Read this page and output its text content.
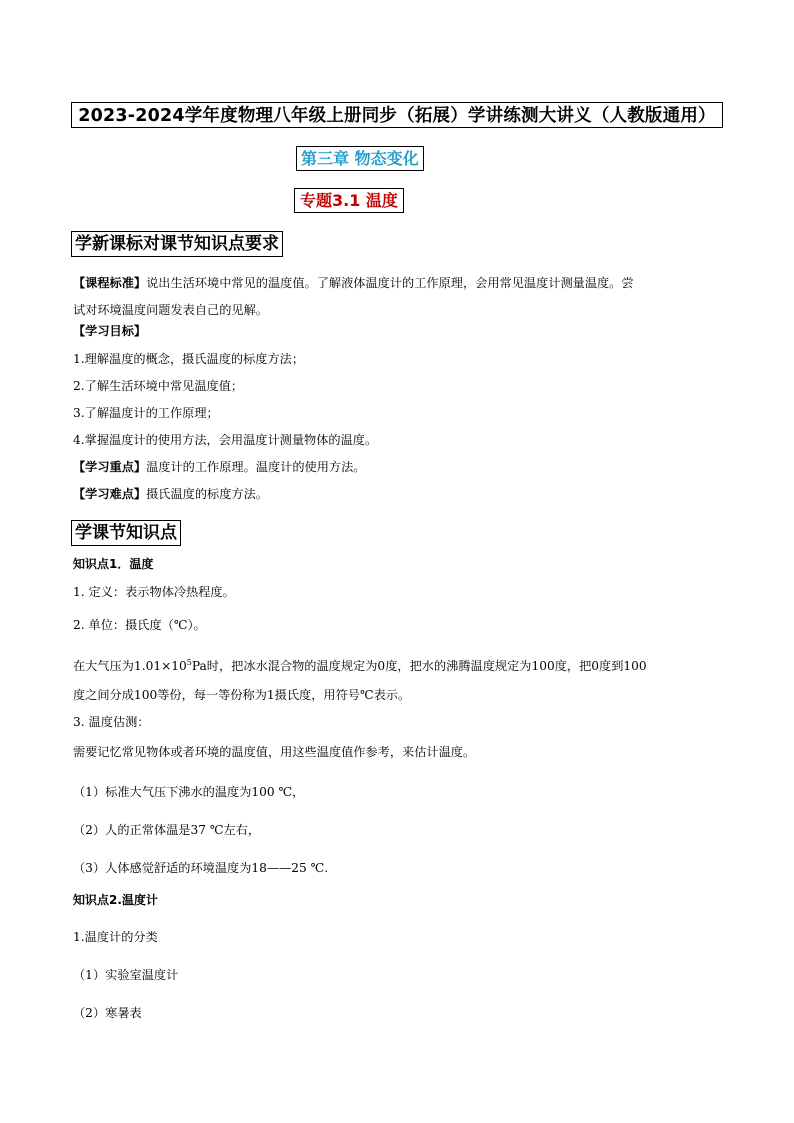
2023-2024学年度物理八年级上册同步（拓展）学讲练测大讲义（人教版通用）
第三章 物态变化
专题3.1 温度
学新课标对课节知识点要求
【课程标准】说出生活环境中常见的温度值。了解液体温度计的工作原理，会用常见温度计测量温度。尝
试对环境温度问题发表自己的见解。
【学习目标】
1.理解温度的概念，摄氏温度的标度方法；
2.了解生活环境中常见温度值；
3.了解温度计的工作原理；
4.掌握温度计的使用方法，会用温度计测量物体的温度。
【学习重点】温度计的工作原理。温度计的使用方法。
【学习难点】摄氏温度的标度方法。
学课节知识点
知识点1．温度
1. 定义：表示物体冷热程度。
2. 单位：摄氏度（℃）。
在大气压为$1.01\times 10^5Pa$时，把冰水混合物的温度规定为0度，把水的沸腾温度规定为100度，把0度到100
度之间分成100等份，每一等份称为1摄氏度，用符号℃表示。
3. 温度估测：
需要记忆常见物体或者环境的温度值，用这些温度值作参考，来估计温度。
（1）标准大气压下沸水的温度为100 ℃，
（2）人的正常体温是37 ℃左右，
（3）人体感觉舒适的环境温度为18——25 ℃.
知识点2.温度计
1.温度计的分类
（1）实验室温度计
（2）寒暑表
